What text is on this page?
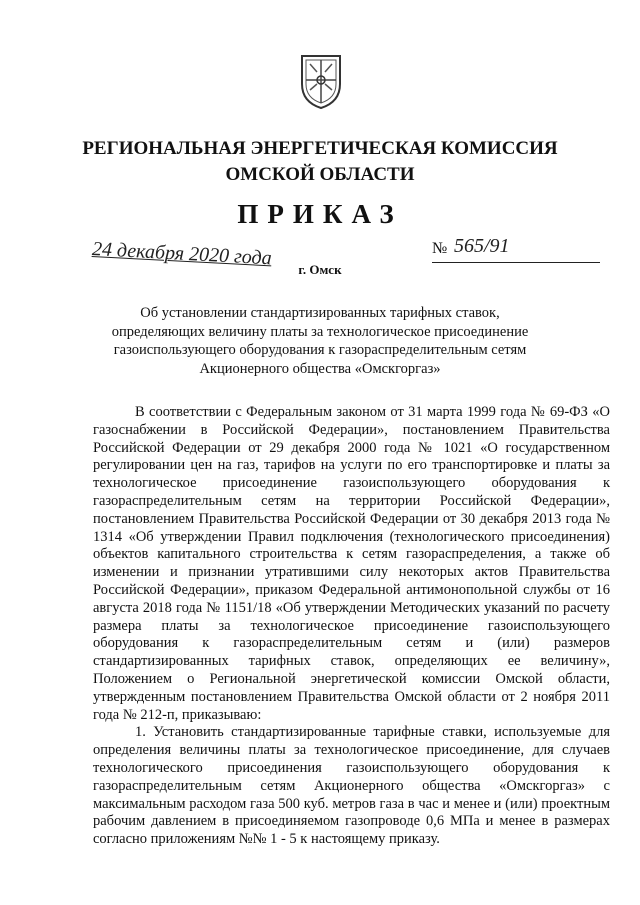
РЕГИОНАЛЬНАЯ ЭНЕРГЕТИЧЕСКАЯ КОМИССИЯ
ОМСКОЙ ОБЛАСТИ
ПРИКАЗ
24 декабря 2020 года	№ 565/91
г. Омск
Об установлении стандартизированных тарифных ставок,
определяющих величину платы за технологическое присоединение
газоиспользующего оборудования к газораспределительным сетям
Акционерного общества «Омскгоргаз»

В соответствии с Федеральным законом от 31 марта 1999 года № 69-ФЗ «О газоснабжении в Российской Федерации», постановлением Правительства Российской Федерации от 29 декабря 2000 года № 1021 «О государственном регулировании цен на газ, тарифов на услуги по его транспортировке и платы за технологическое присоединение газоиспользующего оборудования к газораспределительным сетям на территории Российской Федерации», постановлением Правительства Российской Федерации от 30 декабря 2013 года № 1314 «Об утверждении Правил подключения (технологического присоединения) объектов капитального строительства к сетям газораспределения, а также об изменении и признании утратившими силу некоторых актов Правительства Российской Федерации», приказом Федеральной антимонопольной службы от 16 августа 2018 года № 1151/18 «Об утверждении Методических указаний по расчету размера платы за технологическое присоединение газоиспользующего оборудования к газораспределительным сетям и (или) размеров стандартизированных тарифных ставок, определяющих ее величину», Положением о Региональной энергетической комиссии Омской области, утвержденным постановлением Правительства Омской области от 2 ноября 2011 года № 212-п, приказываю:

1. Установить стандартизированные тарифные ставки, используемые для определения величины платы за технологическое присоединение, для случаев технологического присоединения газоиспользующего оборудования к газораспределительным сетям Акционерного общества «Омскгоргаз» с максимальным расходом газа 500 куб. метров газа в час и менее и (или) проектным рабочим давлением в присоединяемом газопроводе 0,6 МПа и менее в размерах согласно приложениям №№ 1 - 5 к настоящему приказу.
